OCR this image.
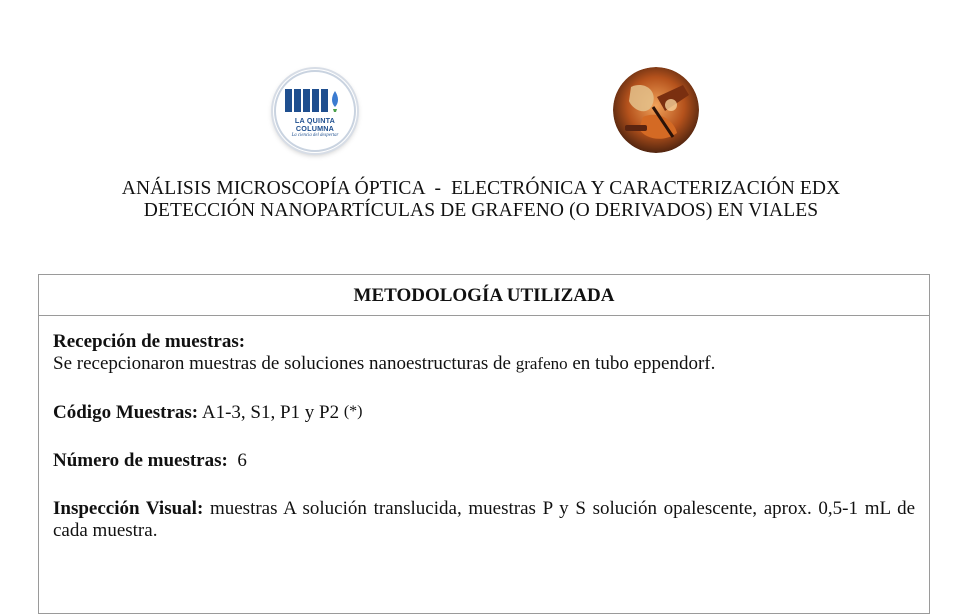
LA QUINTA
COLUMNA
La ciencia del despertar
ANÁLISIS MICROSCOPÍA ÓPTICA  -  ELECTRÓNICA Y CARACTERIZACIÓN EDX
DETECCIÓN NANOPARTÍCULAS DE GRAFENO (O DERIVADOS) EN VIALES
METODOLOGÍA UTILIZADA

Recepción de muestras:

Se recepcionaron muestras de soluciones nanoestructuras de grafeno en tubo eppendorf.

Código Muestras: A1-3, S1, P1 y P2 (*)

Número de muestras:  6

Inspección Visual: muestras A solución translucida, muestras P y S solución opalescente, aprox. 0,5-1 mL de cada muestra.
